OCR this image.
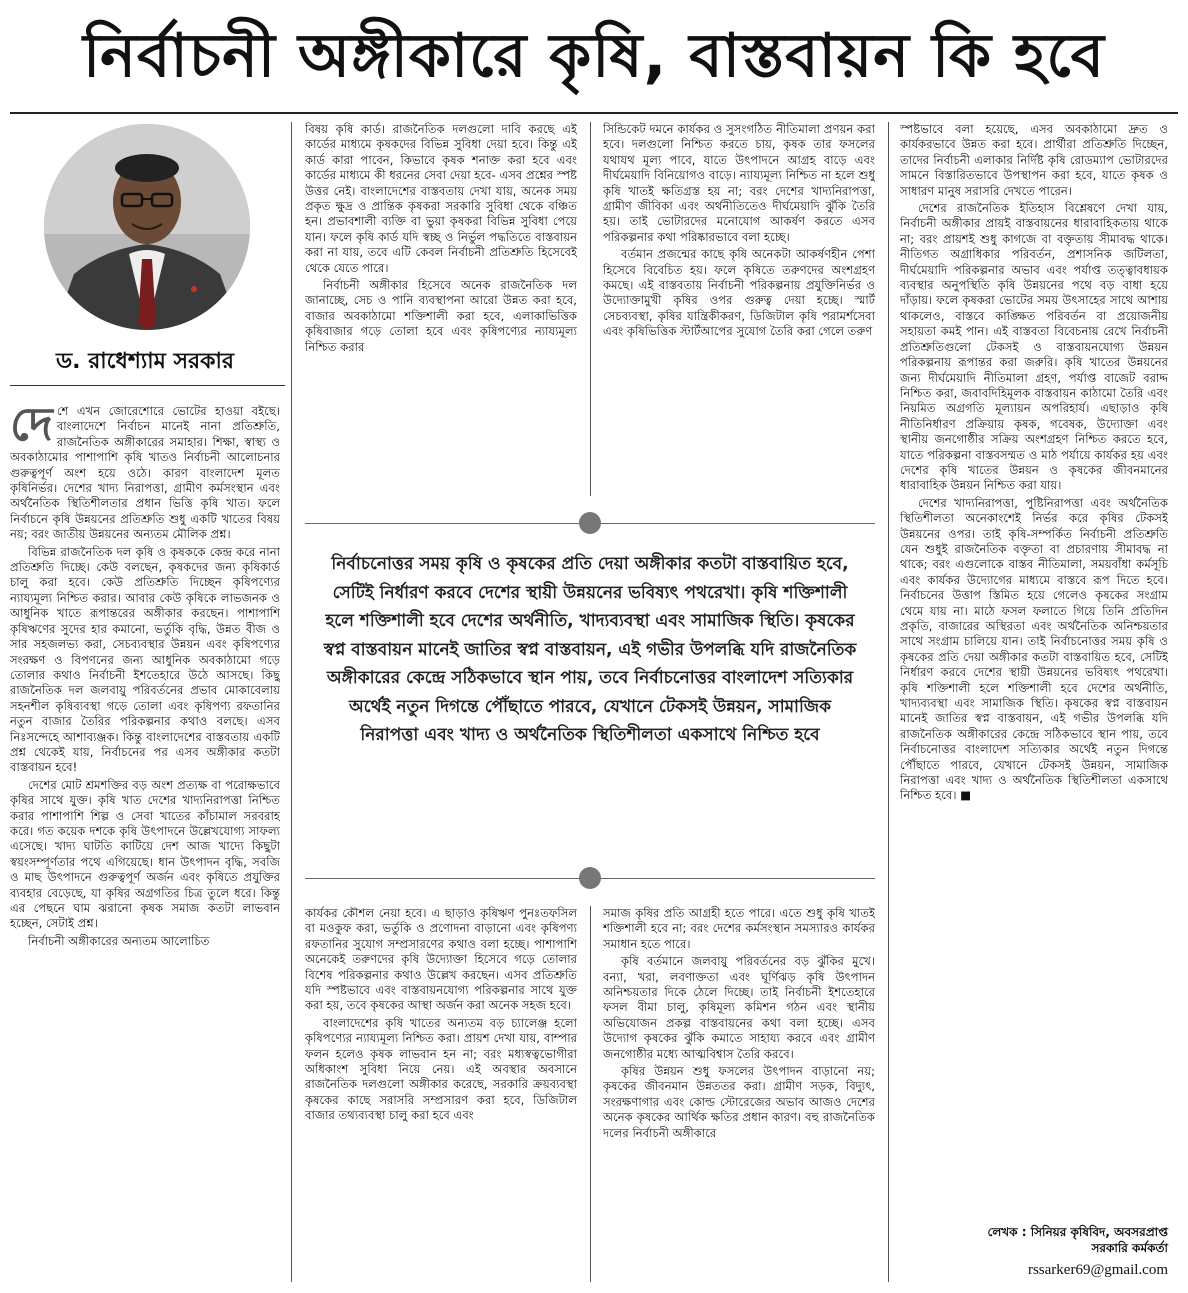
নির্বাচনী অঙ্গীকারে কৃষি, বাস্তবায়ন কি হবে
ড. রাধেশ্যাম সরকার

দেশে এখন জোরেশোরে ভোটের হাওয়া বইছে। বাংলাদেশে নির্বাচন মানেই নানা প্রতিশ্রুতি, রাজনৈতিক অঙ্গীকারের সমাহার। শিক্ষা, স্বাস্থ্য ও অবকাঠামোর পাশাপাশি কৃষি খাতও নির্বাচনী আলোচনার গুরুত্বপূর্ণ অংশ হয়ে ওঠে। কারণ বাংলাদেশ মূলত কৃষিনির্ভর। দেশের খাদ্য নিরাপত্তা, গ্রামীণ কর্মসংস্থান এবং অর্থনৈতিক স্থিতিশীলতার প্রধান ভিত্তি কৃষি খাত। ফলে নির্বাচনে কৃষি উন্নয়নের প্রতিশ্রুতি শুধু একটি খাতের বিষয় নয়; বরং জাতীয় উন্নয়নের অন্যতম মৌলিক প্রশ্ন।

বিভিন্ন রাজনৈতিক দল কৃষি ও কৃষককে কেন্দ্র করে নানা প্রতিশ্রুতি দিচ্ছে। কেউ বলছেন, কৃষকদের জন্য কৃষিকার্ড চালু করা হবে। কেউ প্রতিশ্রুতি দিচ্ছেন কৃষিপণ্যের ন্যায্যমূল্য নিশ্চিত করার। আবার কেউ কৃষিকে লাভজনক ও আধুনিক খাতে রূপান্তরের অঙ্গীকার করছেন। পাশাপাশি কৃষিঋণের সুদের হার কমানো, ভর্তুকি বৃদ্ধি, উন্নত বীজ ও সার সহজলভ্য করা, সেচব্যবস্থার উন্নয়ন এবং কৃষিপণ্যের সংরক্ষণ ও বিপণনের জন্য আধুনিক অবকাঠামো গড়ে তোলার কথাও নির্বাচনী ইশতেহারে উঠে আসছে। কিছু রাজনৈতিক দল জলবায়ু পরিবর্তনের প্রভাব মোকাবেলায় সহনশীল কৃষিব্যবস্থা গড়ে তোলা এবং কৃষিপণ্য রফতানির নতুন বাজার তৈরির পরিকল্পনার কথাও বলছে। এসব নিঃসন্দেহে আশাব্যঞ্জক। কিন্তু বাংলাদেশের বাস্তবতায় একটি প্রশ্ন থেকেই যায়, নির্বাচনের পর এসব অঙ্গীকার কতটা বাস্তবায়ন হবে!

দেশের মোট শ্রমশক্তির বড় অংশ প্রত্যক্ষ বা পরোক্ষভাবে কৃষির সাথে যুক্ত। কৃষি খাত দেশের খাদ্যনিরাপত্তা নিশ্চিত করার পাশাপাশি শিল্প ও সেবা খাতের কাঁচামাল সরবরাহ করে। গত কয়েক দশকে কৃষি উৎপাদনে উল্লেখযোগ্য সাফল্য এসেছে। খাদ্য ঘাটতি কাটিয়ে দেশ আজ খাদ্যে কিছুটা স্বয়ংসম্পূর্ণতার পথে এগিয়েছে। ধান উৎপাদন বৃদ্ধি, সবজি ও মাছ উৎপাদনে গুরুত্বপূর্ণ অর্জন এবং কৃষিতে প্রযুক্তির ব্যবহার বেড়েছে, যা কৃষির অগ্রগতির চিত্র তুলে ধরে। কিন্তু এর পেছনে ঘাম ঝরানো কৃষক সমাজ কতটা লাভবান হচ্ছেন, সেটাই প্রশ্ন।

নির্বাচনী অঙ্গীকারের অন্যতম আলোচিত

বিষয় কৃষি কার্ড। রাজনৈতিক দলগুলো দাবি করছে এই কার্ডের মাধ্যমে কৃষকদের বিভিন্ন সুবিধা দেয়া হবে। কিন্তু এই কার্ড কারা পাবেন, কিভাবে কৃষক শনাক্ত করা হবে এবং কার্ডের মাধ্যমে কী ধরনের সেবা দেয়া হবে- এসব প্রশ্নের স্পষ্ট উত্তর নেই। বাংলাদেশের বাস্তবতায় দেখা যায়, অনেক সময় প্রকৃত ক্ষুদ্র ও প্রান্তিক কৃষকরা সরকারি সুবিধা থেকে বঞ্চিত হন। প্রভাবশালী ব্যক্তি বা ভুয়া কৃষকরা বিভিন্ন সুবিধা পেয়ে যান। ফলে কৃষি কার্ড যদি স্বচ্ছ ও নির্ভুল পদ্ধতিতে বাস্তবায়ন করা না যায়, তবে এটি কেবল নির্বাচনী প্রতিশ্রুতি হিসেবেই থেকে যেতে পারে।

নির্বাচনী অঙ্গীকার হিসেবে অনেক রাজনৈতিক দল জানাচ্ছে, সেচ ও পানি ব্যবস্থাপনা আরো উন্নত করা হবে, বাজার অবকাঠামো শক্তিশালী করা হবে, এলাকাভিত্তিক কৃষিবাজার গড়ে তোলা হবে এবং কৃষিপণ্যের ন্যায্যমূল্য নিশ্চিত করার

সিন্ডিকেট দমনে কার্যকর ও সুসংগঠিত নীতিমালা প্রণয়ন করা হবে। দলগুলো নিশ্চিত করতে চায়, কৃষক তার ফসলের যথাযথ মূল্য পাবে, যাতে উৎপাদনে আগ্রহ বাড়ে এবং দীর্ঘমেয়াদি বিনিয়োগও বাড়ে। ন্যায্যমূল্য নিশ্চিত না হলে শুধু কৃষি খাতই ক্ষতিগ্রস্ত হয় না; বরং দেশের খাদ্যনিরাপত্তা, গ্রামীণ জীবিকা এবং অর্থনীতিতেও দীর্ঘমেয়াদি ঝুঁকি তৈরি হয়। তাই ভোটারদের মনোযোগ আকর্ষণ করতে এসব পরিকল্পনার কথা পরিষ্কারভাবে বলা হচ্ছে।

বর্তমান প্রজন্মের কাছে কৃষি অনেকটা আকর্ষণহীন পেশা হিসেবে বিবেচিত হয়। ফলে কৃষিতে তরুণদের অংশগ্রহণ কমছে। এই বাস্তবতায় নির্বাচনী পরিকল্পনায় প্রযুক্তিনির্ভর ও উদ্যোক্তামুখী কৃষির ওপর গুরুত্ব দেয়া হচ্ছে। স্মার্ট সেচব্যবস্থা, কৃষির যান্ত্রিকীকরণ, ডিজিটাল কৃষি পরামর্শসেবা এবং কৃষিভিত্তিক স্টার্টআপের সুযোগ তৈরি করা গেলে তরুণ

নির্বাচনোত্তর সময় কৃষি ও কৃষকের প্রতি দেয়া অঙ্গীকার কতটা বাস্তবায়িত হবে, সেটিই নির্ধারণ করবে দেশের স্থায়ী উন্নয়নের ভবিষ্যৎ পথরেখা। কৃষি শক্তিশালী হলে শক্তিশালী হবে দেশের অর্থনীতি, খাদ্যব্যবস্থা এবং সামাজিক স্থিতি। কৃষকের স্বপ্ন বাস্তবায়ন মানেই জাতির স্বপ্ন বাস্তবায়ন, এই গভীর উপলব্ধি যদি রাজনৈতিক অঙ্গীকারের কেন্দ্রে সঠিকভাবে স্থান পায়, তবে নির্বাচনোত্তর বাংলাদেশ সত্যিকার অর্থেই নতুন দিগন্তে পৌঁছাতে পারবে, যেখানে টেকসই উন্নয়ন, সামাজিক নিরাপত্তা এবং খাদ্য ও অর্থনৈতিক স্থিতিশীলতা একসাথে নিশ্চিত হবে

কার্যকর কৌশল নেয়া হবে। এ ছাড়াও কৃষিঋণ পুনঃতফসিল বা মওকুফ করা, ভর্তুকি ও প্রণোদনা বাড়ানো এবং কৃষিপণ্য রফতানির সুযোগ সম্প্রসারণের কথাও বলা হচ্ছে। পাশাপাশি অনেকেই তরুণদের কৃষি উদ্যোক্তা হিসেবে গড়ে তোলার বিশেষ পরিকল্পনার কথাও উল্লেখ করছেন। এসব প্রতিশ্রুতি যদি স্পষ্টভাবে এবং বাস্তবায়নযোগ্য পরিকল্পনার সাথে যুক্ত করা হয়, তবে কৃষকের আস্থা অর্জন করা অনেক সহজ হবে।

বাংলাদেশের কৃষি খাতের অন্যতম বড় চ্যালেঞ্জ হলো কৃষিপণ্যের ন্যায্যমূল্য নিশ্চিত করা। প্রায়শ দেখা যায়, বাম্পার ফলন হলেও কৃষক লাভবান হন না; বরং মধ্যস্বত্বভোগীরা অধিকাংশ সুবিধা নিয়ে নেয়। এই অবস্থার অবসানে রাজনৈতিক দলগুলো অঙ্গীকার করেছে, সরকারি ক্রয়ব্যবস্থা কৃষকের কাছে সরাসরি সম্প্রসারণ করা হবে, ডিজিটাল বাজার তথ্যব্যবস্থা চালু করা হবে এবং

সমাজ কৃষির প্রতি আগ্রহী হতে পারে। এতে শুধু কৃষি খাতই শক্তিশালী হবে না; বরং দেশের কর্মসংস্থান সমস্যারও কার্যকর সমাধান হতে পারে।

কৃষি বর্তমানে জলবায়ু পরিবর্তনের বড় ঝুঁকির মুখে। বন্যা, খরা, লবণাক্ততা এবং ঘূর্ণিঝড় কৃষি উৎপাদন অনিশ্চয়তার দিকে ঠেলে দিচ্ছে। তাই নির্বাচনী ইশতেহারে ফসল বীমা চালু, কৃষিমূল্য কমিশন গঠন এবং স্থানীয় অভিযোজন প্রকল্প বাস্তবায়নের কথা বলা হচ্ছে। এসব উদ্যোগ কৃষকের ঝুঁকি কমাতে সাহায্য করবে এবং গ্রামীণ জনগোষ্ঠীর মধ্যে আত্মবিশ্বাস তৈরি করবে।

কৃষির উন্নয়ন শুধু ফসলের উৎপাদন বাড়ানো নয়; কৃষকের জীবনমান উন্নততর করা। গ্রামীণ সড়ক, বিদ্যুৎ, সংরক্ষণাগার এবং কোল্ড স্টোরেজের অভাব আজও দেশের অনেক কৃষকের আর্থিক ক্ষতির প্রধান কারণ। বহু রাজনৈতিক দলের নির্বাচনী অঙ্গীকারে

স্পষ্টভাবে বলা হয়েছে, এসব অবকাঠামো দ্রুত ও কার্যকরভাবে উন্নত করা হবে। প্রার্থীরা প্রতিশ্রুতি দিচ্ছেন, তাদের নির্বাচনী এলাকার নির্দিষ্ট কৃষি রোডম্যাপ ভোটারদের সামনে বিস্তারিতভাবে উপস্থাপন করা হবে, যাতে কৃষক ও সাধারণ মানুষ সরাসরি দেখতে পারেন।

দেশের রাজনৈতিক ইতিহাস বিশ্লেষণে দেখা যায়, নির্বাচনী অঙ্গীকার প্রায়ই বাস্তবায়নের ধারাবাহিকতায় থাকে না; বরং প্রায়শই শুধু কাগজে বা বক্তৃতায় সীমাবদ্ধ থাকে। নীতিগত অগ্রাধিকার পরিবর্তন, প্রশাসনিক জটিলতা, দীর্ঘমেয়াদি পরিকল্পনার অভাব এবং পর্যাপ্ত তত্ত্বাবধায়ক ব্যবস্থার অনুপস্থিতি কৃষি উন্নয়নের পথে বড় বাধা হয়ে দাঁড়ায়। ফলে কৃষকরা ভোটের সময় উৎসাহের সাথে আশায় থাকলেও, বাস্তবে কাঙ্ক্ষিত পরিবর্তন বা প্রয়োজনীয় সহায়তা কমই পান। এই বাস্তবতা বিবেচনায় রেখে নির্বাচনী প্রতিশ্রুতিগুলো টেকসই ও বাস্তবায়নযোগ্য উন্নয়ন পরিকল্পনায় রূপান্তর করা জরুরি। কৃষি খাতের উন্নয়নের জন্য দীর্ঘমেয়াদি নীতিমালা গ্রহণ, পর্যাপ্ত বাজেট বরাদ্দ নিশ্চিত করা, জবাবদিহিমূলক বাস্তবায়ন কাঠামো তৈরি এবং নিয়মিত অগ্রগতি মূল্যায়ন অপরিহার্য। এছাড়াও কৃষি নীতিনির্ধারণ প্রক্রিয়ায় কৃষক, গবেষক, উদ্যোক্তা এবং স্থানীয় জনগোষ্ঠীর সক্রিয় অংশগ্রহণ নিশ্চিত করতে হবে, যাতে পরিকল্পনা বাস্তবসম্মত ও মাঠ পর্যায়ে কার্যকর হয় এবং দেশের কৃষি খাতের উন্নয়ন ও কৃষকের জীবনমানের ধারাবাহিক উন্নয়ন নিশ্চিত করা যায়।

দেশের খাদ্যনিরাপত্তা, পুষ্টিনিরাপত্তা এবং অর্থনৈতিক স্থিতিশীলতা অনেকাংশেই নির্ভর করে কৃষির টেকসই উন্নয়নের ওপর। তাই কৃষি-সম্পর্কিত নির্বাচনী প্রতিশ্রুতি যেন শুধুই রাজনৈতিক বক্তৃতা বা প্রচারণায় সীমাবদ্ধ না থাকে; বরং এগুলোকে বাস্তব নীতিমালা, সময়বাঁধা কর্মসূচি এবং কার্যকর উদ্যোগের মাধ্যমে বাস্তবে রূপ দিতে হবে। নির্বাচনের উত্তাপ স্তিমিত হয়ে গেলেও কৃষকের সংগ্রাম থেমে যায় না। মাঠে ফসল ফলাতে গিয়ে তিনি প্রতিদিন প্রকৃতি, বাজারের অস্থিরতা এবং অর্থনৈতিক অনিশ্চয়তার সাথে সংগ্রাম চালিয়ে যান। তাই নির্বাচনোত্তর সময় কৃষি ও কৃষকের প্রতি দেয়া অঙ্গীকার কতটা বাস্তবায়িত হবে, সেটিই নির্ধারণ করবে দেশের স্থায়ী উন্নয়নের ভবিষ্যৎ পথরেখা। কৃষি শক্তিশালী হলে শক্তিশালী হবে দেশের অর্থনীতি, খাদ্যব্যবস্থা এবং সামাজিক স্থিতি। কৃষকের স্বপ্ন বাস্তবায়ন মানেই জাতির স্বপ্ন বাস্তবায়ন, এই গভীর উপলব্ধি যদি রাজনৈতিক অঙ্গীকারের কেন্দ্রে সঠিকভাবে স্থান পায়, তবে নির্বাচনোত্তর বাংলাদেশ সত্যিকার অর্থেই নতুন দিগন্তে পৌঁছাতে পারবে, যেখানে টেকসই উন্নয়ন, সামাজিক নিরাপত্তা এবং খাদ্য ও অর্থনৈতিক স্থিতিশীলতা একসাথে নিশ্চিত হবে। ■

লেখক : সিনিয়র কৃষিবিদ, অবসরপ্রাপ্ত
সরকারি কর্মকর্তা
rssarker69@gmail.com
